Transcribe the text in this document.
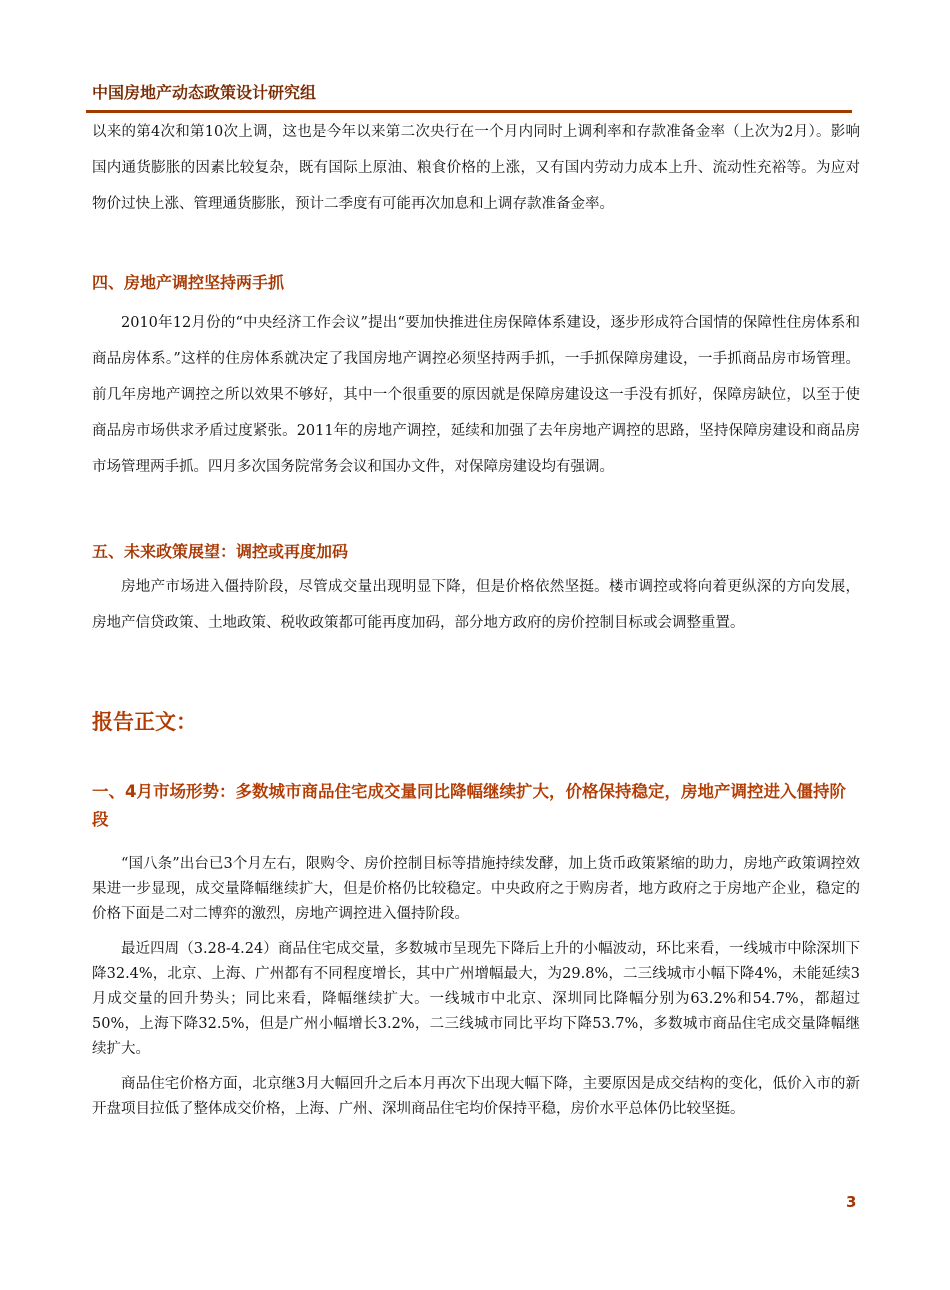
中国房地产动态政策设计研究组

以来的第4次和第10次上调，这也是今年以来第二次央行在一个月内同时上调利率和存款准备金率（上次为2月）。影响国内通货膨胀的因素比较复杂，既有国际上原油、粮食价格的上涨，又有国内劳动力成本上升、流动性充裕等。为应对物价过快上涨、管理通货膨胀，预计二季度有可能再次加息和上调存款准备金率。

四、房地产调控坚持两手抓

2010年12月份的“中央经济工作会议”提出“要加快推进住房保障体系建设，逐步形成符合国情的保障性住房体系和商品房体系。”这样的住房体系就决定了我国房地产调控必须坚持两手抓，一手抓保障房建设，一手抓商品房市场管理。前几年房地产调控之所以效果不够好，其中一个很重要的原因就是保障房建设这一手没有抓好，保障房缺位，以至于使商品房市场供求矛盾过度紧张。2011年的房地产调控，延续和加强了去年房地产调控的思路，坚持保障房建设和商品房市场管理两手抓。四月多次国务院常务会议和国办文件，对保障房建设均有强调。

五、未来政策展望：调控或再度加码

房地产市场进入僵持阶段，尽管成交量出现明显下降，但是价格依然坚挺。楼市调控或将向着更纵深的方向发展，房地产信贷政策、土地政策、税收政策都可能再度加码，部分地方政府的房价控制目标或会调整重置。

报告正文：

一、4月市场形势：多数城市商品住宅成交量同比降幅继续扩大，价格保持稳定，房地产调控进入僵持阶段

“国八条”出台已3个月左右，限购令、房价控制目标等措施持续发酵，加上货币政策紧缩的助力，房地产政策调控效果进一步显现，成交量降幅继续扩大，但是价格仍比较稳定。中央政府之于购房者，地方政府之于房地产企业，稳定的价格下面是二对二博弈的激烈，房地产调控进入僵持阶段。

最近四周（3.28-4.24）商品住宅成交量，多数城市呈现先下降后上升的小幅波动，环比来看，一线城市中除深圳下降32.4%，北京、上海、广州都有不同程度增长，其中广州增幅最大，为29.8%，二三线城市小幅下降4%，未能延续3月成交量的回升势头；同比来看，降幅继续扩大。一线城市中北京、深圳同比降幅分别为63.2%和54.7%，都超过50%，上海下降32.5%，但是广州小幅增长3.2%，二三线城市同比平均下降53.7%，多数城市商品住宅成交量降幅继续扩大。

商品住宅价格方面，北京继3月大幅回升之后本月再次下出现大幅下降，主要原因是成交结构的变化，低价入市的新开盘项目拉低了整体成交价格，上海、广州、深圳商品住宅均价保持平稳，房价水平总体仍比较坚挺。

3
